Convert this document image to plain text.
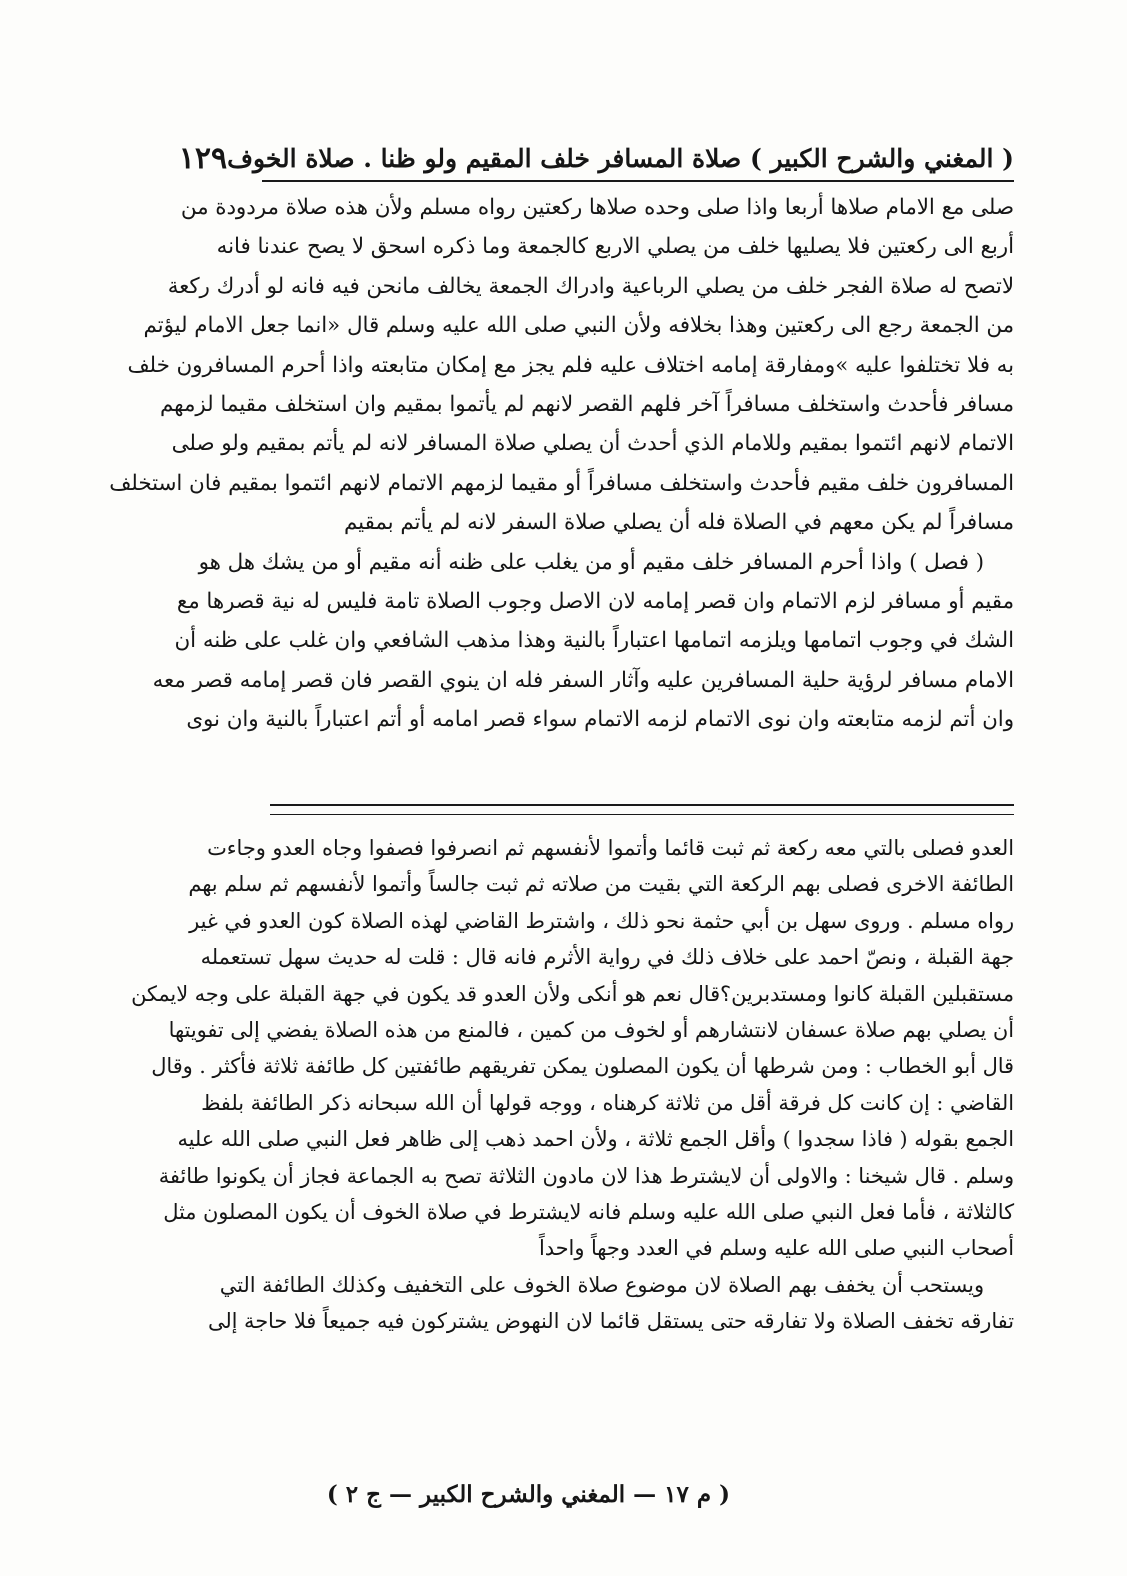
( المغني والشرح الكبير ) صلاة المسافر خلف المقيم ولو ظنا . صلاة الخوف
١٢٩
صلى مع الامام صلاها أربعا واذا صلى وحده صلاها ركعتين رواه مسلم ولأن هذه صلاة مردودة من
أربع الى ركعتين فلا يصليها خلف من يصلي الاربع كالجمعة وما ذكره اسحق لا يصح عندنا فانه
لاتصح له صلاة الفجر خلف من يصلي الرباعية وادراك الجمعة يخالف مانحن فيه فانه لو أدرك ركعة
من الجمعة رجع الى ركعتين وهذا بخلافه ولأن النبي صلى الله عليه وسلم قال «انما جعل الامام ليؤتم
به فلا تختلفوا عليه »ومفارقة إمامه اختلاف عليه فلم يجز مع إمكان متابعته واذا أحرم المسافرون خلف
مسافر فأحدث واستخلف مسافراً آخر فلهم القصر لانهم لم يأتموا بمقيم وان استخلف مقيما لزمهم
الاتمام لانهم ائتموا بمقيم وللامام الذي أحدث أن يصلي صلاة المسافر لانه لم يأتم بمقيم ولو صلى
المسافرون خلف مقيم فأحدث واستخلف مسافراً أو مقيما لزمهم الاتمام لانهم ائتموا بمقيم فان استخلف
مسافراً لم يكن معهم في الصلاة فله أن يصلي صلاة السفر لانه لم يأتم بمقيم
( فصل ) واذا أحرم المسافر خلف مقيم أو من يغلب على ظنه أنه مقيم أو من يشك هل هو
مقيم أو مسافر لزم الاتمام وان قصر إمامه لان الاصل وجوب الصلاة تامة فليس له نية قصرها مع
الشك في وجوب اتمامها ويلزمه اتمامها اعتباراً بالنية وهذا مذهب الشافعي وان غلب على ظنه أن
الامام مسافر لرؤية حلية المسافرين عليه وآثار السفر فله ان ينوي القصر فان قصر إمامه قصر معه
وان أتم لزمه متابعته وان نوى الاتمام لزمه الاتمام سواء قصر امامه أو أتم اعتباراً بالنية وان نوى
العدو فصلى بالتي معه ركعة ثم ثبت قائما وأتموا لأنفسهم ثم انصرفوا فصفوا وجاه العدو وجاءت
الطائفة الاخرى فصلى بهم الركعة التي بقيت من صلاته ثم ثبت جالساً وأتموا لأنفسهم ثم سلم بهم
رواه مسلم . وروى سهل بن أبي حثمة نحو ذلك ، واشترط القاضي لهذه الصلاة كون العدو في غير
جهة القبلة ، ونصّ احمد على خلاف ذلك في رواية الأثرم فانه قال : قلت له حديث سهل تستعمله
مستقبلين القبلة كانوا ومستدبرين؟قال نعم هو أنكى ولأن العدو قد يكون في جهة القبلة على وجه لايمكن
أن يصلي بهم صلاة عسفان لانتشارهم أو لخوف من كمين ، فالمنع من هذه الصلاة يفضي إلى تفويتها
قال أبو الخطاب : ومن شرطها أن يكون المصلون يمكن تفريقهم طائفتين كل طائفة ثلاثة فأكثر . وقال
القاضي : إن كانت كل فرقة أقل من ثلاثة كرهناه ، ووجه قولها أن الله سبحانه ذكر الطائفة بلفظ
الجمع بقوله ( فاذا سجدوا ) وأقل الجمع ثلاثة ، ولأن احمد ذهب إلى ظاهر فعل النبي صلى الله عليه
وسلم . قال شيخنا : والاولى أن لايشترط هذا لان مادون الثلاثة تصح به الجماعة فجاز أن يكونوا طائفة
كالثلاثة ، فأما فعل النبي صلى الله عليه وسلم فانه لايشترط في صلاة الخوف أن يكون المصلون مثل
أصحاب النبي صلى الله عليه وسلم في العدد وجهاً واحداً
ويستحب أن يخفف بهم الصلاة لان موضوع صلاة الخوف على التخفيف وكذلك الطائفة التي
تفارقه تخفف الصلاة ولا تفارقه حتى يستقل قائما لان النهوض يشتركون فيه جميعاً فلا حاجة إلى
( م ١٧ — المغني والشرح الكبير — ج ٢ )
